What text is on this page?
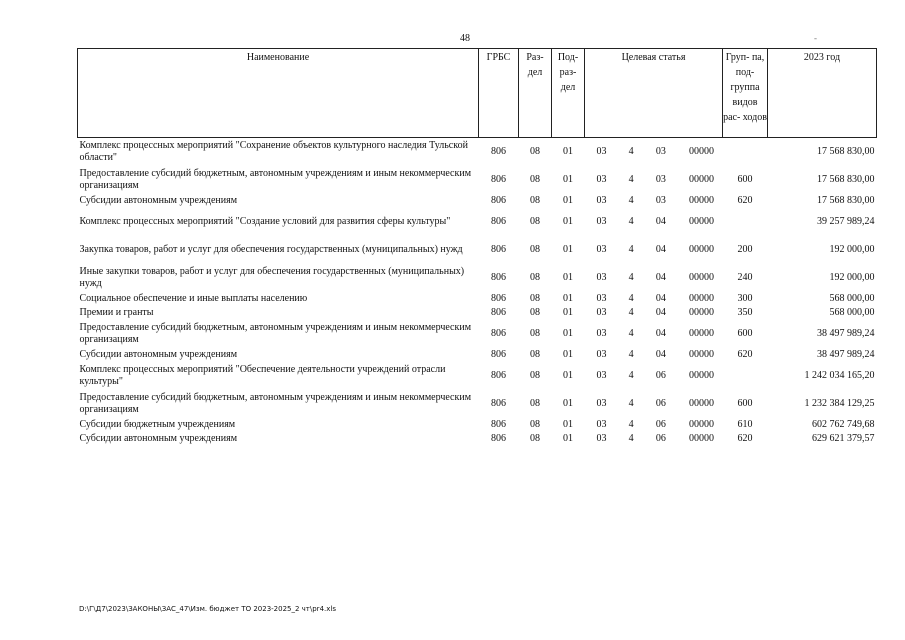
48	-
Наименование	ГРБС	Раз- дел	Под- раз- дел	Целевая статья	Груп- па, под- группа видов рас- ходов	2023 год
Комплекс процессных мероприятий "Сохранение объектов культурного наследия Тульской области"	806	08	01	03 4 03 00000		17 568 830,00
Предоставление субсидий бюджетным, автономным учреждениям и иным некоммерческим организациям	806	08	01	03 4 03 00000	600	17 568 830,00
Субсидии автономным учреждениям	806	08	01	03 4 03 00000	620	17 568 830,00
Комплекс процессных мероприятий "Создание условий для развития сферы культуры"	806	08	01	03 4 04 00000		39 257 989,24
Закупка товаров, работ и услуг для обеспечения государственных (муниципальных) нужд	806	08	01	03 4 04 00000	200	192 000,00
Иные закупки товаров, работ и услуг для обеспечения государственных (муниципальных) нужд	806	08	01	03 4 04 00000	240	192 000,00
Социальное обеспечение и иные выплаты населению	806	08	01	03 4 04 00000	300	568 000,00
Премии и гранты	806	08	01	03 4 04 00000	350	568 000,00
Предоставление субсидий бюджетным, автономным учреждениям и иным некоммерческим организациям	806	08	01	03 4 04 00000	600	38 497 989,24
Субсидии автономным учреждениям	806	08	01	03 4 04 00000	620	38 497 989,24
Комплекс процессных мероприятий "Обеспечение деятельности учреждений отрасли культуры"	806	08	01	03 4 06 00000		1 242 034 165,20
Предоставление субсидий бюджетным, автономным учреждениям и иным некоммерческим организациям	806	08	01	03 4 06 00000	600	1 232 384 129,25
Субсидии бюджетным учреждениям	806	08	01	03 4 06 00000	610	602 762 749,68
Субсидии автономным учреждениям	806	08	01	03 4 06 00000	620	629 621 379,57
D:\Г\Д7\2023\ЗАКОНЫ\ЗАС_47\Изм. бюджет ТО 2023-2025_2 чт\pr4.xls
